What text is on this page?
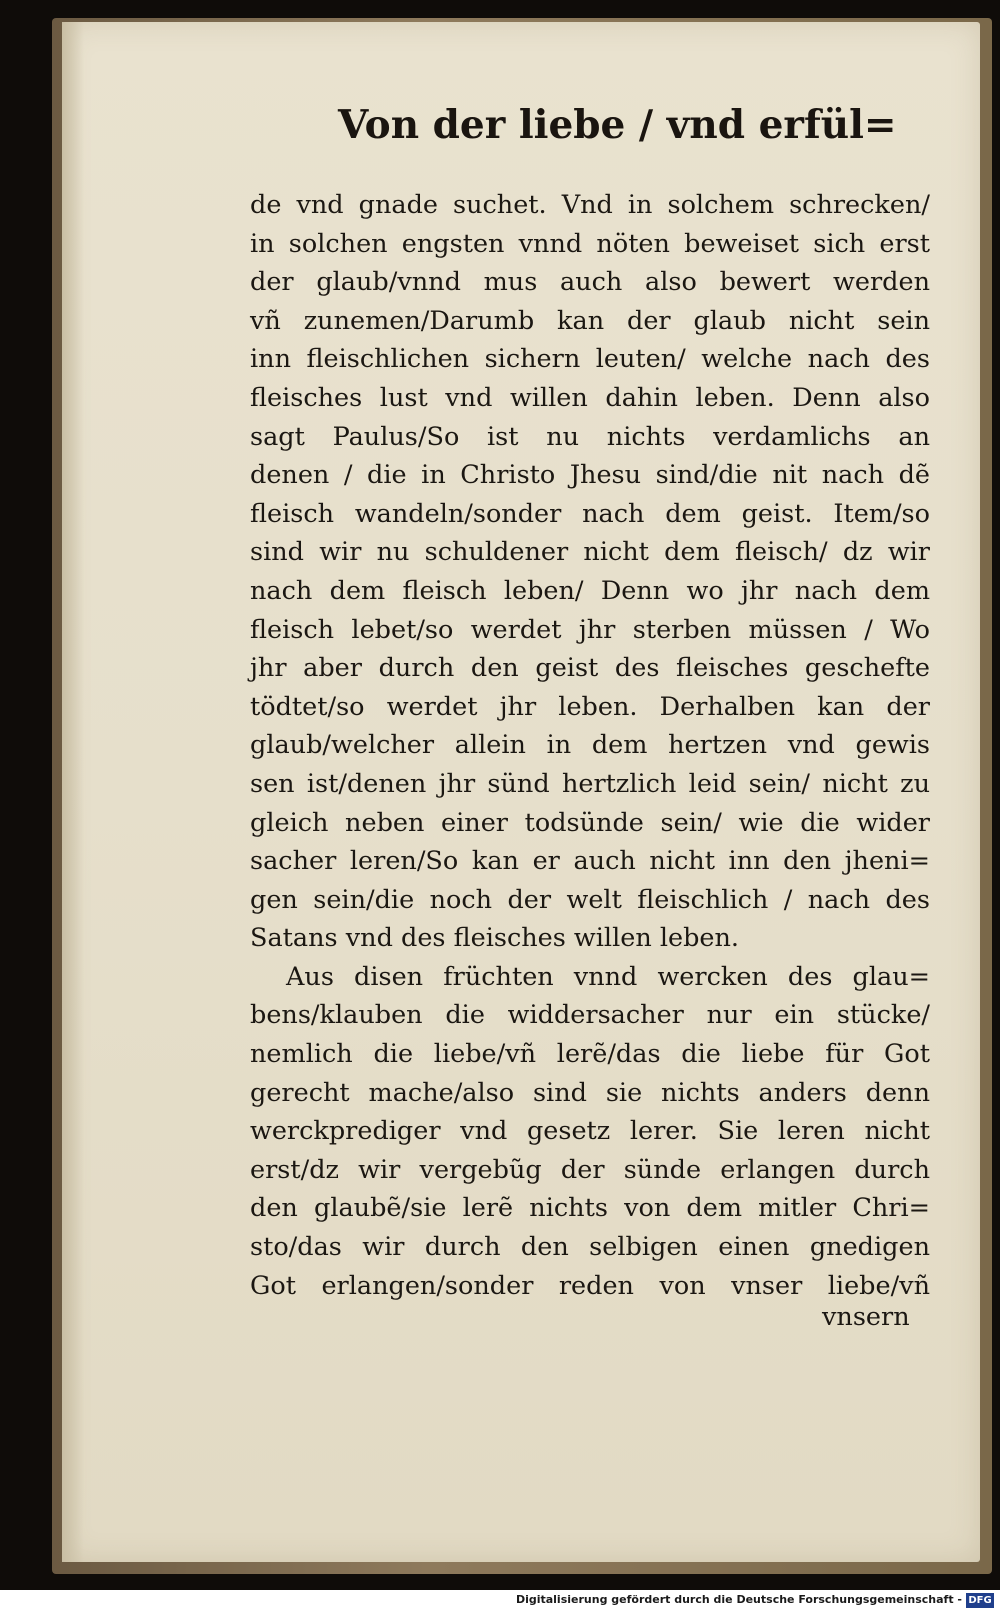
Von der liebe / vnd erfül=
de vnd gnade suchet. Vnd in solchem schrecken/
in solchen engsten vnnd nöten beweiset sich erst
der glaub/vnnd mus auch also bewert werden
vñ zunemen/Darumb kan der glaub nicht sein
inn fleischlichen sichern leuten/ welche nach des
fleisches lust vnd willen dahin leben. Denn also
sagt Paulus/So ist nu nichts verdamlichs an
denen / die in Christo Jhesu sind/die nit nach dẽ
fleisch wandeln/sonder nach dem geist. Item/so
sind wir nu schuldener nicht dem fleisch/ dz wir
nach dem fleisch leben/ Denn wo jhr nach dem
fleisch lebet/so werdet jhr sterben müssen / Wo
jhr aber durch den geist des fleisches geschefte
tödtet/so werdet jhr leben. Derhalben kan der
glaub/welcher allein in dem hertzen vnd gewis
sen ist/denen jhr sünd hertzlich leid sein/ nicht zu
gleich neben einer todsünde sein/ wie die wider
sacher leren/So kan er auch nicht inn den jheni=
gen sein/die noch der welt fleischlich / nach des
Satans vnd des fleisches willen leben.
Aus disen früchten vnnd wercken des glau=
bens/klauben die widdersacher nur ein stücke/
nemlich die liebe/vñ lerẽ/das die liebe für Got
gerecht mache/also sind sie nichts anders denn
werckprediger vnd gesetz lerer. Sie leren nicht
erst/dz wir vergebũg der sünde erlangen durch
den glaubẽ/sie lerẽ nichts von dem mitler Chri=
sto/das wir durch den selbigen einen gnedigen
Got erlangen/sonder reden von vnser liebe/vñ
vnsern
Digitalisierung gefördert durch die Deutsche Forschungsgemeinschaft - DFG
